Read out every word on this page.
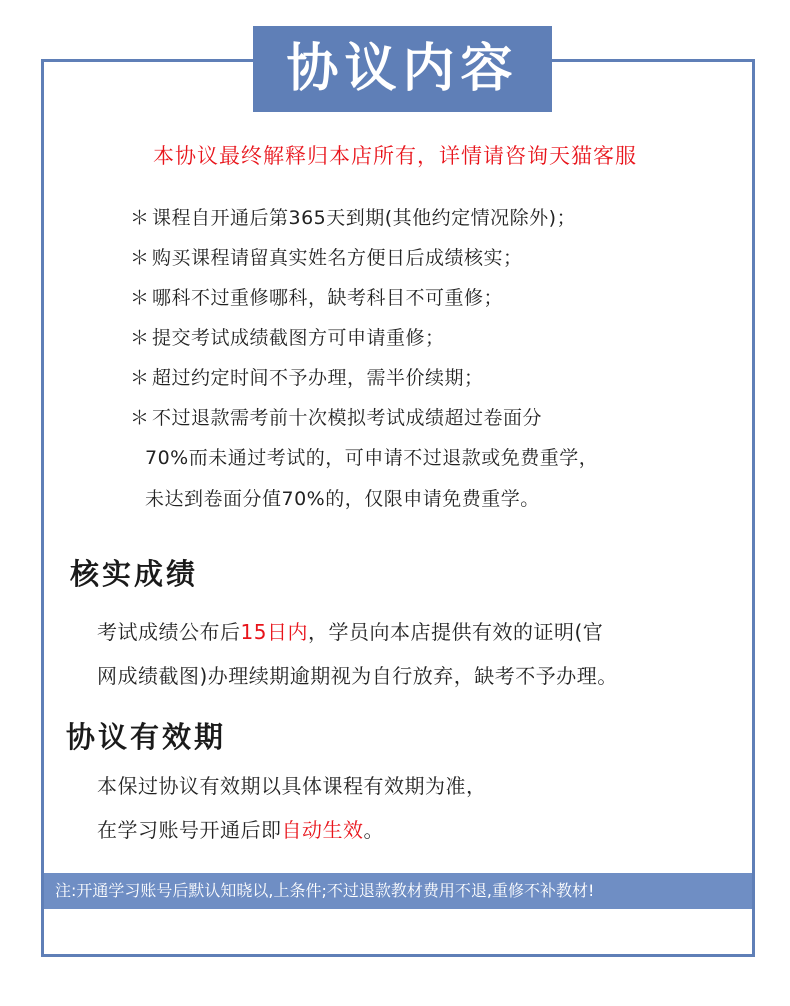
协议内容
本协议最终解释归本店所有，详情请咨询天猫客服
＊ 课程自开通后第365天到期(其他约定情况除外)；
＊ 购买课程请留真实姓名方便日后成绩核实；
＊ 哪科不过重修哪科，缺考科目不可重修；
＊ 提交考试成绩截图方可申请重修；
＊ 超过约定时间不予办理，需半价续期；
＊ 不过退款需考前十次模拟考试成绩超过卷面分
70%而未通过考试的，可申请不过退款或免费重学，
未达到卷面分值70%的，仅限申请免费重学。
核实成绩
考试成绩公布后15日内，学员向本店提供有效的证明(官
网成绩截图)办理续期逾期视为自行放弃，缺考不予办理。
协议有效期
本保过协议有效期以具体课程有效期为准，
在学习账号开通后即自动生效。
注:开通学习账号后默认知晓以,上条件;不过退款教材费用不退,重修不补教材!
